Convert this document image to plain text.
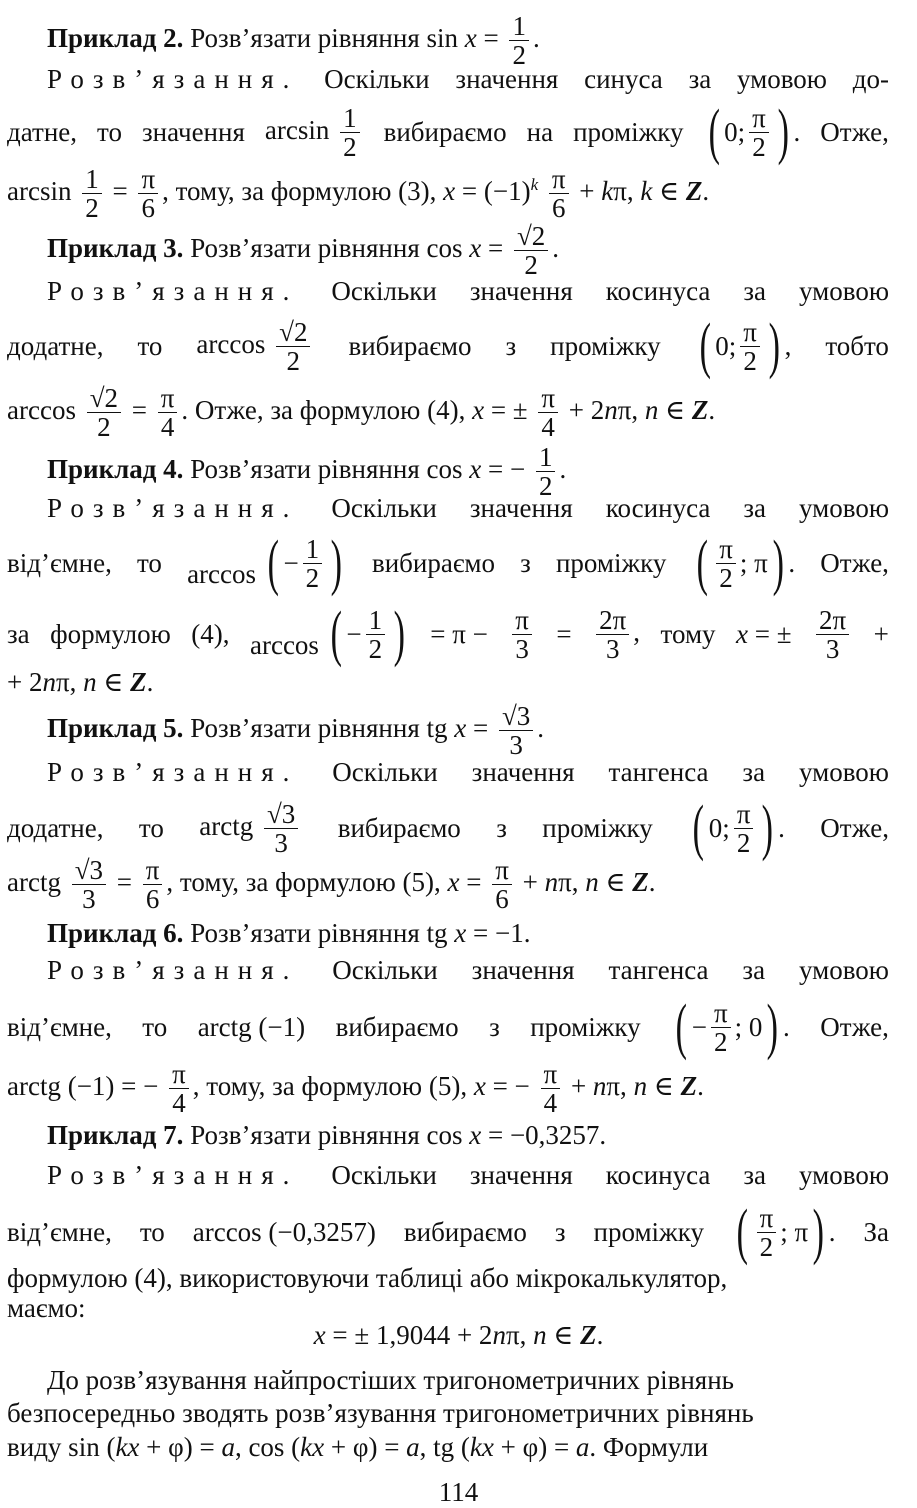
Приклад 2. Розв’язати рівняння $\sin x = \frac{1}{2}$ .
Розв’язання. Оскільки значення синуса за умовою до-
датне, то значення $\arcsin \frac{1}{2}$ вибираємо на проміжку ( 0; $\frac{\pi}{2}$ ) . Отже,
$\arcsin \frac{1}{2} = \frac{\pi}{6}$ , тому, за формулою (3), $x = (-1)^k \frac{\pi}{6} + k\pi$, k ∈ Z.
Приклад 3. Розв’язати рівняння $\cos x = \frac{√2}{2}$ .
Розв’язання. Оскільки значення косинуса за умовою
додатне, то $\arccos \frac{√2}{2}$ вибираємо з проміжку ( 0; $\frac{\pi}{2}$ ) , тобто
$\arccos \frac{√2}{2} = \frac{\pi}{4}$ . Отже, за формулою (4), x = ± $\frac{\pi}{4} + 2n\pi$, n ∈ Z.
Приклад 4. Розв’язати рівняння cos x = − $\frac{1}{2}$ .
Розв’язання. Оскільки значення косинуса за умовою
від’ємне, то arccos ( − $\frac{1}{2}$ ) вибираємо з проміжку ( $\frac{\pi}{2}$ ; π ) . Отже,
за формулою (4), arccos ( − $\frac{1}{2}$ ) = $\pi - \frac{\pi}{3} = \frac{2\pi}{3}$ , тому x = ± $\frac{2\pi}{3}$ +
+ 2nπ, n ∈ Z.
Приклад 5. Розв’язати рівняння tg $x = \frac{√3}{3}$ .
Розв’язання. Оскільки значення тангенса за умовою
додатне, то arctg $\frac{√3}{3}$ вибираємо з проміжку ( 0; $\frac{\pi}{2}$ ) . Отже,
arctg $\frac{√3}{3} = \frac{\pi}{6}$ , тому, за формулою (5), $x = \frac{\pi}{6} + n\pi$, n ∈ Z.
Приклад 6. Розв’язати рівняння tg x = −1.
Розв’язання. Оскільки значення тангенса за умовою
від’ємне, то arctg (−1) вибираємо з проміжку ( − $\frac{\pi}{2}$ ; 0 ) . Отже,
arctg (−1) = − $\frac{\pi}{4}$ , тому, за формулою (5), x = − $\frac{\pi}{4} + n\pi$, n ∈ Z.
Приклад 7. Розв’язати рівняння cos x = −0,3257.
Розв’язання. Оскільки значення косинуса за умовою
від’ємне, то arccos (−0,3257) вибираємо з проміжку ( $\frac{\pi}{2}$ ; π ) . За
формулою (4), використовуючи таблиці або мікрокалькулятор,
маємо:
x = ± 1,9044 + 2nπ, n ∈ Z.
До розв’язування найпростіших тригонометричних рівнянь
безпосередньо зводять розв’язування тригонометричних рівнянь
виду sin (kx + φ) = a, cos (kx + φ) = a, tg (kx + φ) = a. Формули
114
